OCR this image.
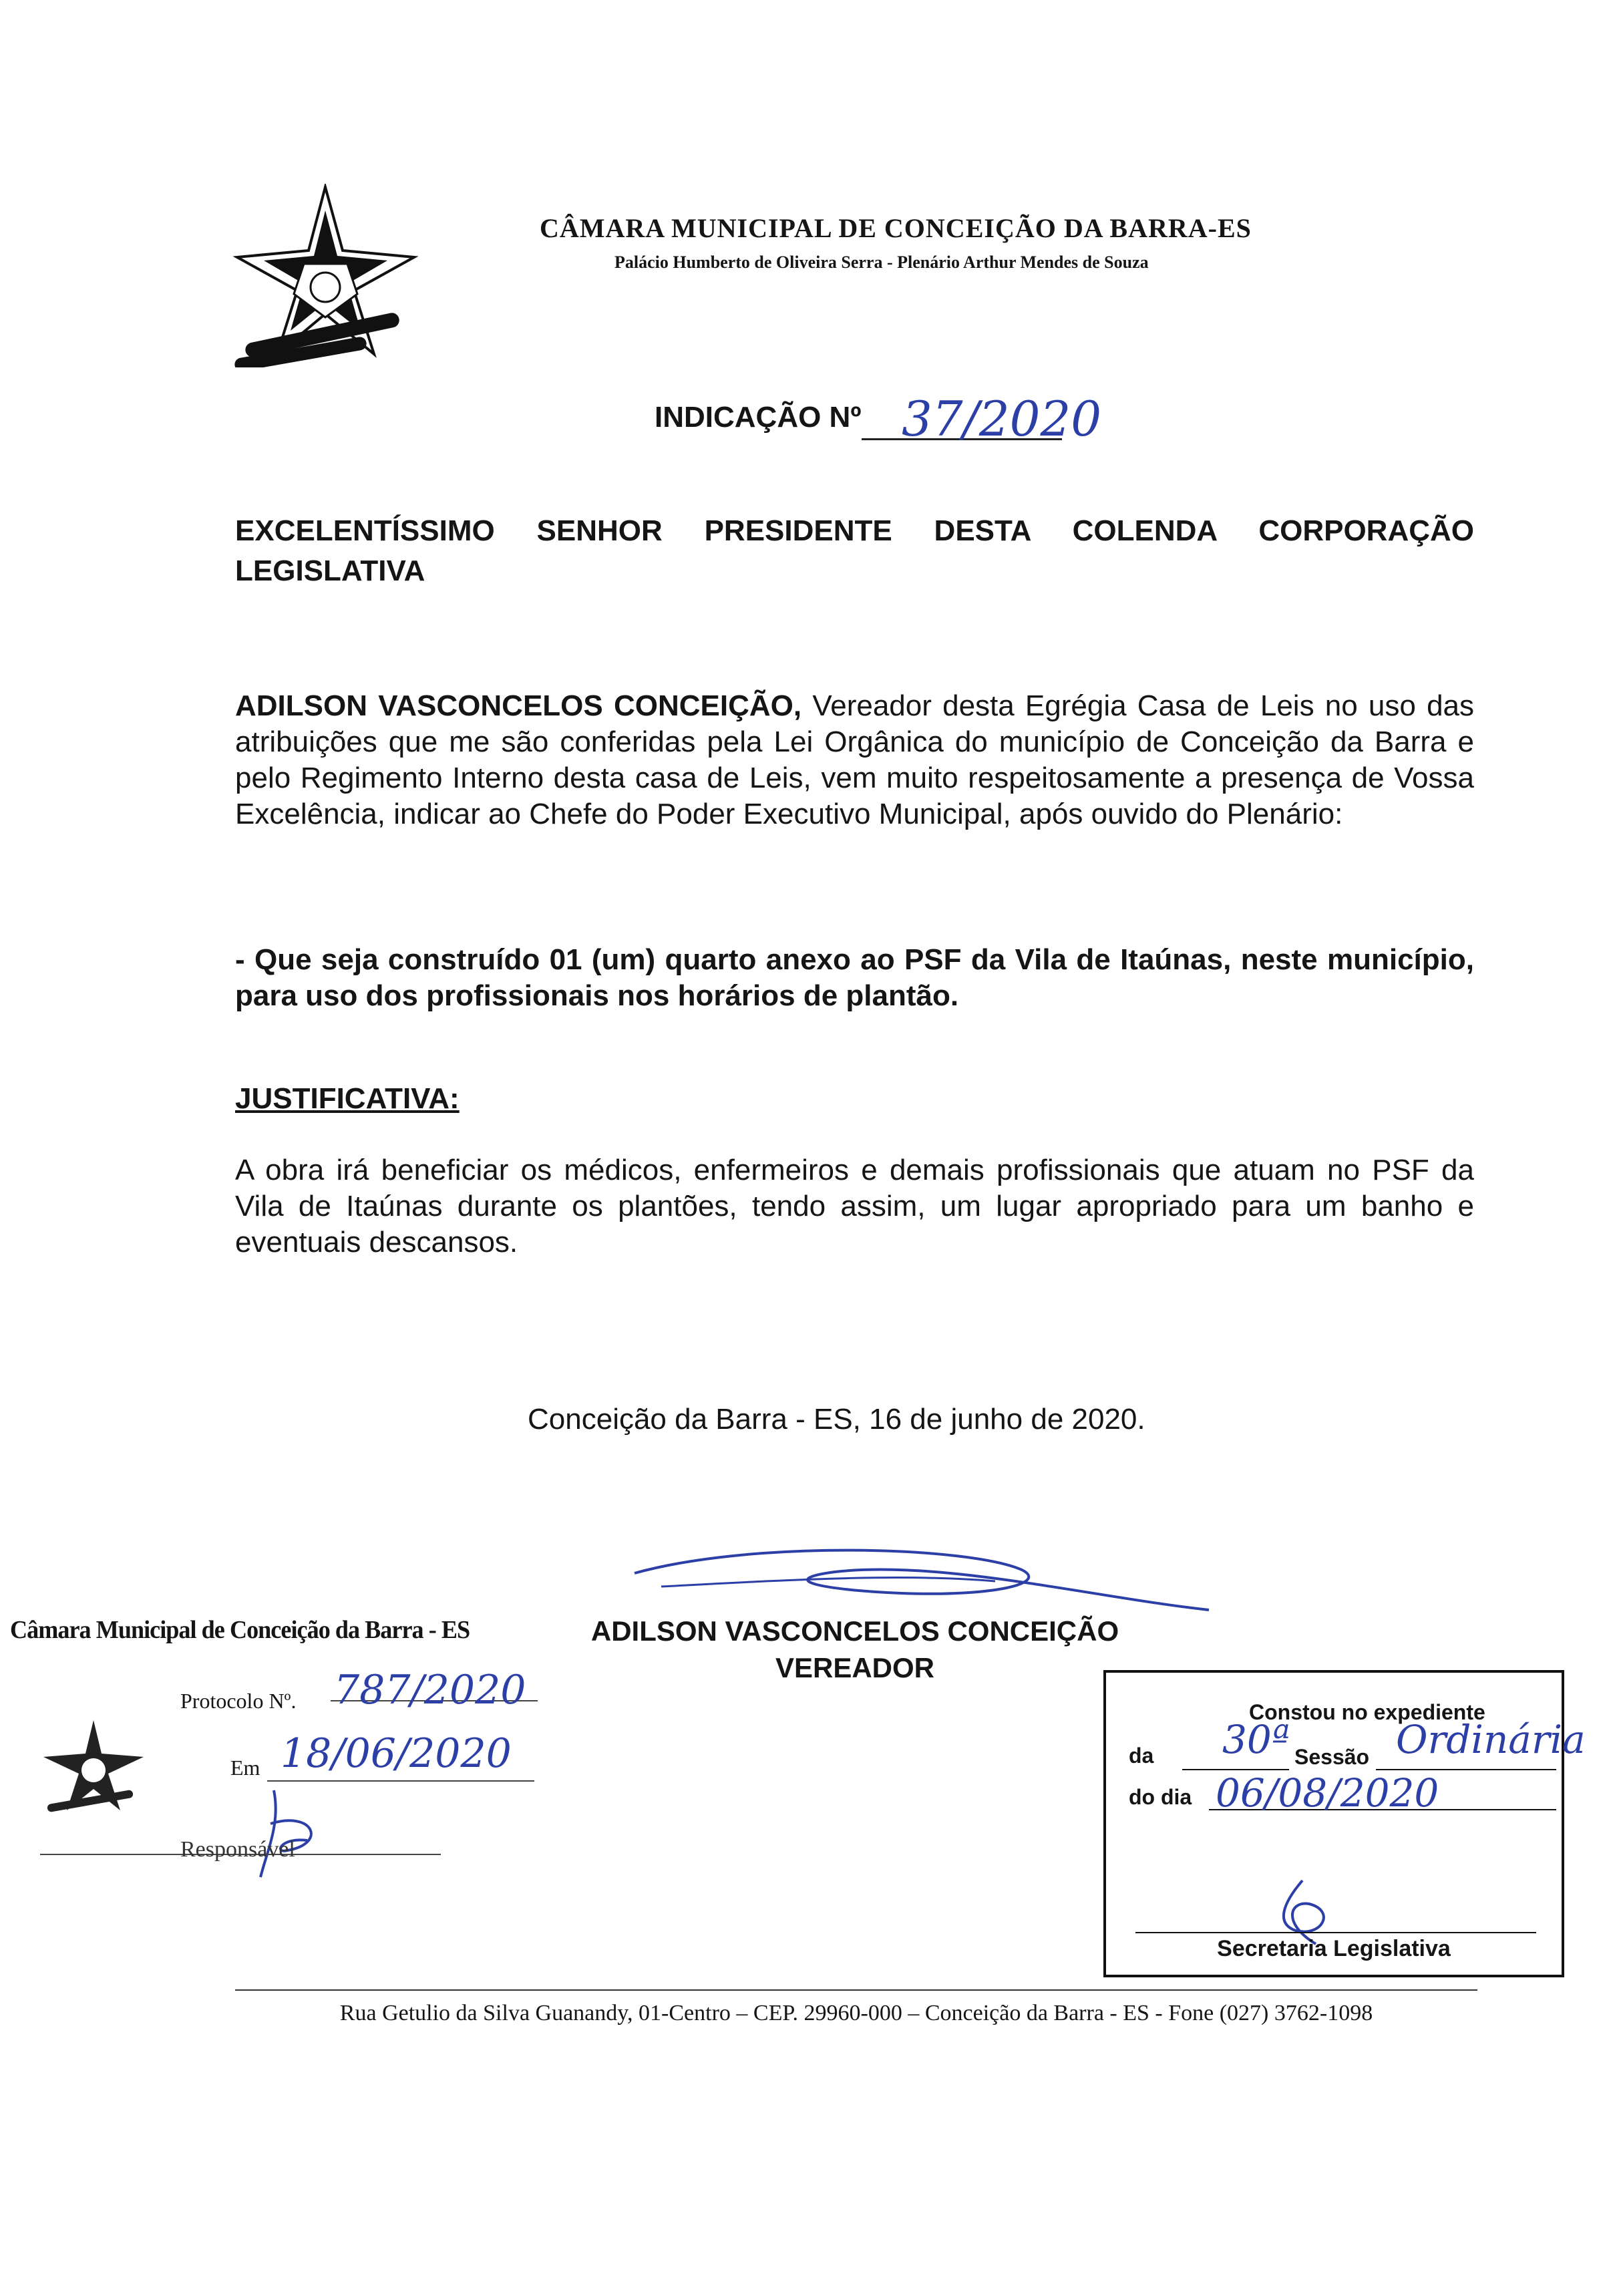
CÂMARA MUNICIPAL DE CONCEIÇÃO DA BARRA-ES
Palácio Humberto de Oliveira Serra - Plenário Arthur Mendes de Souza
INDICAÇÃO Nº 37/2020
EXCELENTÍSSIMO SENHOR PRESIDENTE DESTA COLENDA CORPORAÇÃO LEGISLATIVA
ADILSON VASCONCELOS CONCEIÇÃO, Vereador desta Egrégia Casa de Leis no uso das atribuições que me são conferidas pela Lei Orgânica do município de Conceição da Barra e pelo Regimento Interno desta casa de Leis, vem muito respeitosamente a presença de Vossa Excelência, indicar ao Chefe do Poder Executivo Municipal, após ouvido do Plenário:
- Que seja construído 01 (um) quarto anexo ao PSF da Vila de Itaúnas, neste município, para uso dos profissionais nos horários de plantão.
JUSTIFICATIVA:
A obra irá beneficiar os médicos, enfermeiros e demais profissionais que atuam no PSF da Vila de Itaúnas durante os plantões, tendo assim, um lugar apropriado para um banho e eventuais descansos.
Conceição da Barra - ES, 16 de junho de 2020.
ADILSON VASCONCELOS CONCEIÇÃO
VEREADOR
Câmara Municipal de Conceição da Barra - ES
Protocolo Nº. 787/2020
Em 18/06/2020
Responsável
Constou no expediente
da 30ª Sessão Ordinária
do dia 06/08/2020
Secretaria Legislativa
Rua Getulio da Silva Guanandy, 01-Centro – CEP. 29960-000 – Conceição da Barra - ES - Fone (027) 3762-1098
